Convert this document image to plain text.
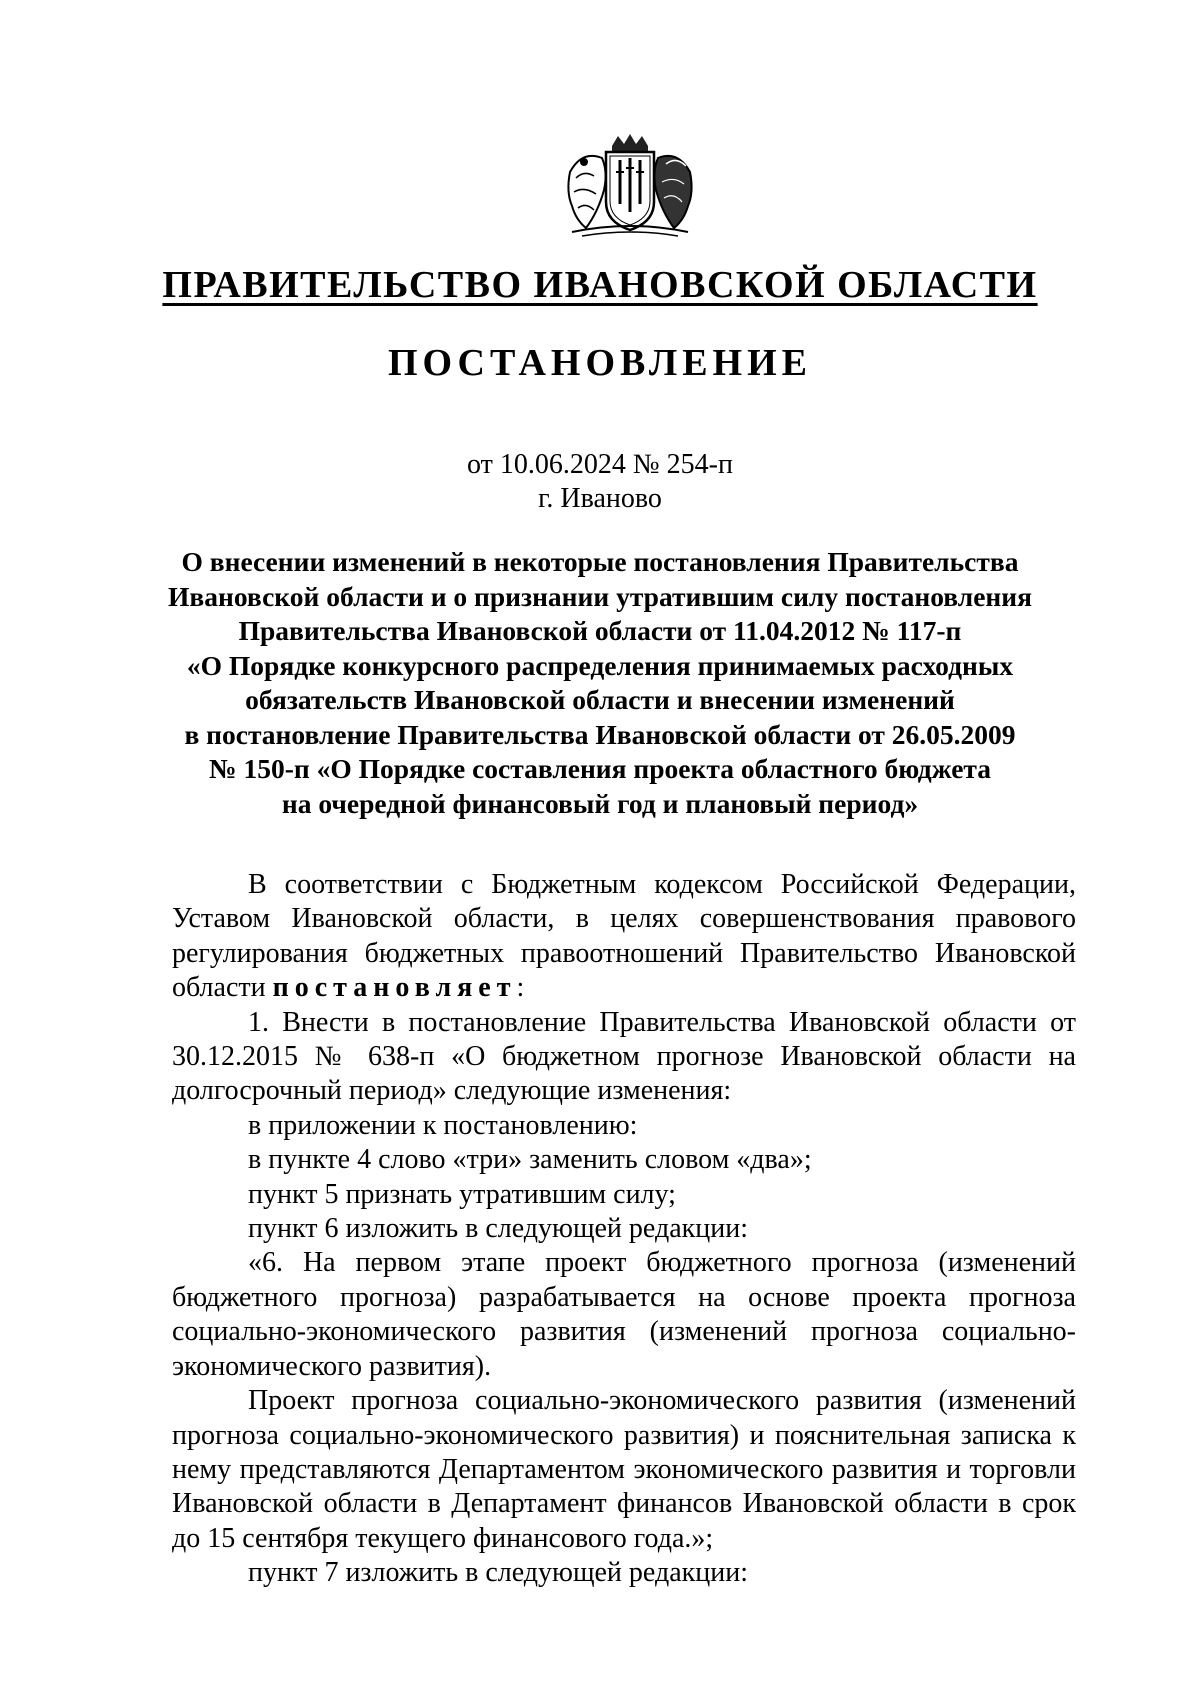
ПРАВИТЕЛЬСТВО ИВАНОВСКОЙ ОБЛАСТИ
ПОСТАНОВЛЕНИЕ
от 10.06.2024 № 254-п
г. Иваново
О внесении изменений в некоторые постановления Правительства
Ивановской области и о признании утратившим силу постановления
Правительства Ивановской области от 11.04.2012 № 117-п
«О Порядке конкурсного распределения принимаемых расходных
обязательств Ивановской области и внесении изменений
в постановление Правительства Ивановской области от 26.05.2009
№ 150-п «О Порядке составления проекта областного бюджета
на очередной финансовый год и плановый период»

В соответствии с Бюджетным кодексом Российской Федерации, Уставом Ивановской области, в целях совершенствования правового регулирования бюджетных правоотношений Правительство Ивановской области постановляет:

1. Внести в постановление Правительства Ивановской области от 30.12.2015 № 638-п «О бюджетном прогнозе Ивановской области на долгосрочный период» следующие изменения:

в приложении к постановлению:

в пункте 4 слово «три» заменить словом «два»;

пункт 5 признать утратившим силу;

пункт 6 изложить в следующей редакции:

«6. На первом этапе проект бюджетного прогноза (изменений бюджетного прогноза) разрабатывается на основе проекта прогноза социально-экономического развития (изменений прогноза социально-экономического развития).

Проект прогноза социально-экономического развития (изменений прогноза социально-экономического развития) и пояснительная записка к нему представляются Департаментом экономического развития и торговли Ивановской области в Департамент финансов Ивановской области в срок до 15 сентября текущего финансового года.»;

пункт 7 изложить в следующей редакции:
